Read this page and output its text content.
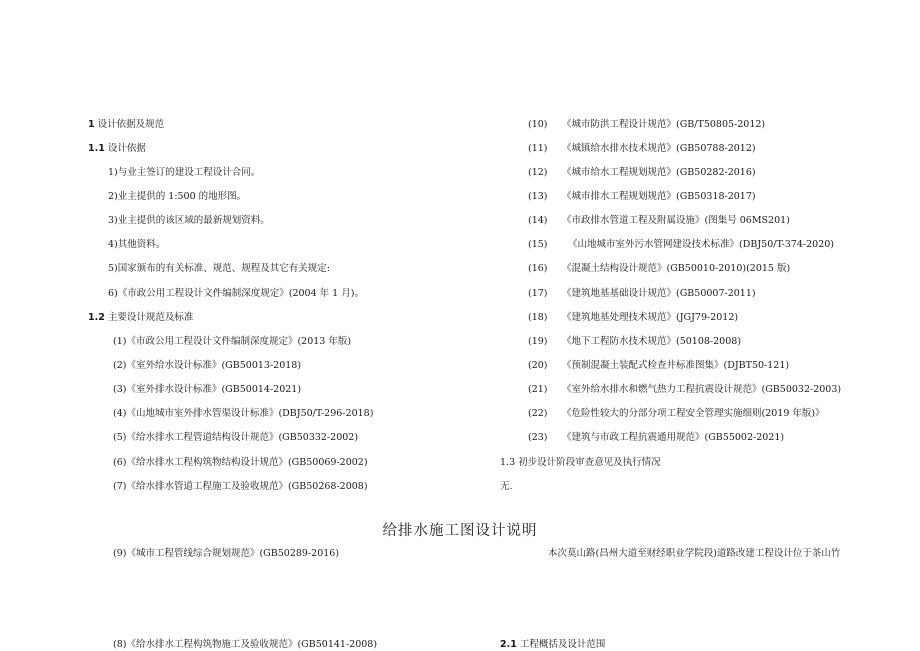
1 设计依据及规范
1.1 设计依据
1)与业主签订的建设工程设计合同。
2)业主提供的 1:500 的地形图。
3)业主提供的该区域的最新规划资料。
4)其他资料。
5)国家颁布的有关标准、规范、规程及其它有关规定:
6)《市政公用工程设计文件编制深度规定》(2004 年 1 月)。
1.2 主要设计规范及标准
(1)《市政公用工程设计文件编制深度规定》(2013 年版)
(2)《室外给水设计标准》(GB50013-2018)
(3)《室外排水设计标准》(GB50014-2021)
(4)《山地城市室外排水管渠设计标准》(DBJ50/T-296-2018)
(5)《给水排水工程管道结构设计规范》(GB50332-2002)
(6)《给水排水工程构筑物结构设计规范》(GB50069-2002)
(7)《给水排水管道工程施工及验收规范》(GB50268-2008)
给排水施工图设计说明
(9)《城市工程管线综合规划规范》(GB50289-2016)
(8)《给水排水工程构筑物施工及验收规范》(GB50141-2008)
(10) 《城市防洪工程设计规范》(GB/T50805-2012)
(11) 《城镇给水排水技术规范》(GB50788-2012)
(12) 《城市给水工程规划规范》(GB50282-2016)
(13) 《城市排水工程规划规范》(GB50318-2017)
(14) 《市政排水管道工程及附属设施》(图集号 06MS201)
(15)  《山地城市室外污水管网建设技术标准》(DBJ50/T-374-2020)
(16) 《混凝土结构设计规范》(GB50010-2010)(2015 版)
(17) 《建筑地基基础设计规范》(GB50007-2011)
(18) 《建筑地基处理技术规范》(JGJ79-2012)
(19) 《地下工程防水技术规范》(50108-2008)
(20) 《预制混凝土装配式检查井标准图集》(DJBT50-121)
(21) 《室外给水排水和燃气热力工程抗震设计规范》(GB50032-2003)
(22) 《危险性较大的分部分项工程安全管理实施细则(2019 年版)》
(23) 《建筑与市政工程抗震通用规范》(GB55002-2021)
1.3 初步设计阶段审查意见及执行情况
无.
本次莫山路(昌州大道至财经职业学院段)道路改建工程设计位于茶山竹
2.1 工程概括及设计范围
